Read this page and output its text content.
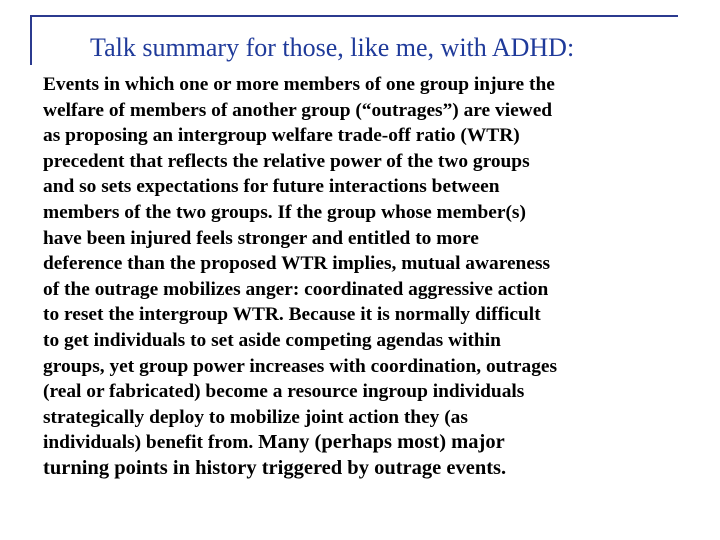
Talk summary for those, like me, with ADHD:
Events in which one or more members of one group injure the
welfare of members of another group (“outrages”) are viewed
as proposing an intergroup welfare trade-off ratio (WTR)
precedent that reflects the relative power of the two groups
and so sets expectations for future interactions between
members of the two groups. If the group whose member(s)
have been injured feels stronger and entitled to more
deference than the proposed WTR implies, mutual awareness
of the outrage mobilizes anger: coordinated aggressive action
to reset the intergroup WTR. Because it is normally difficult
to get individuals to set aside competing agendas within
groups, yet group power increases with coordination, outrages
(real or fabricated) become a resource ingroup individuals
strategically deploy to mobilize joint action they (as
individuals) benefit from. Many (perhaps most) major
turning points in history triggered by outrage events.
